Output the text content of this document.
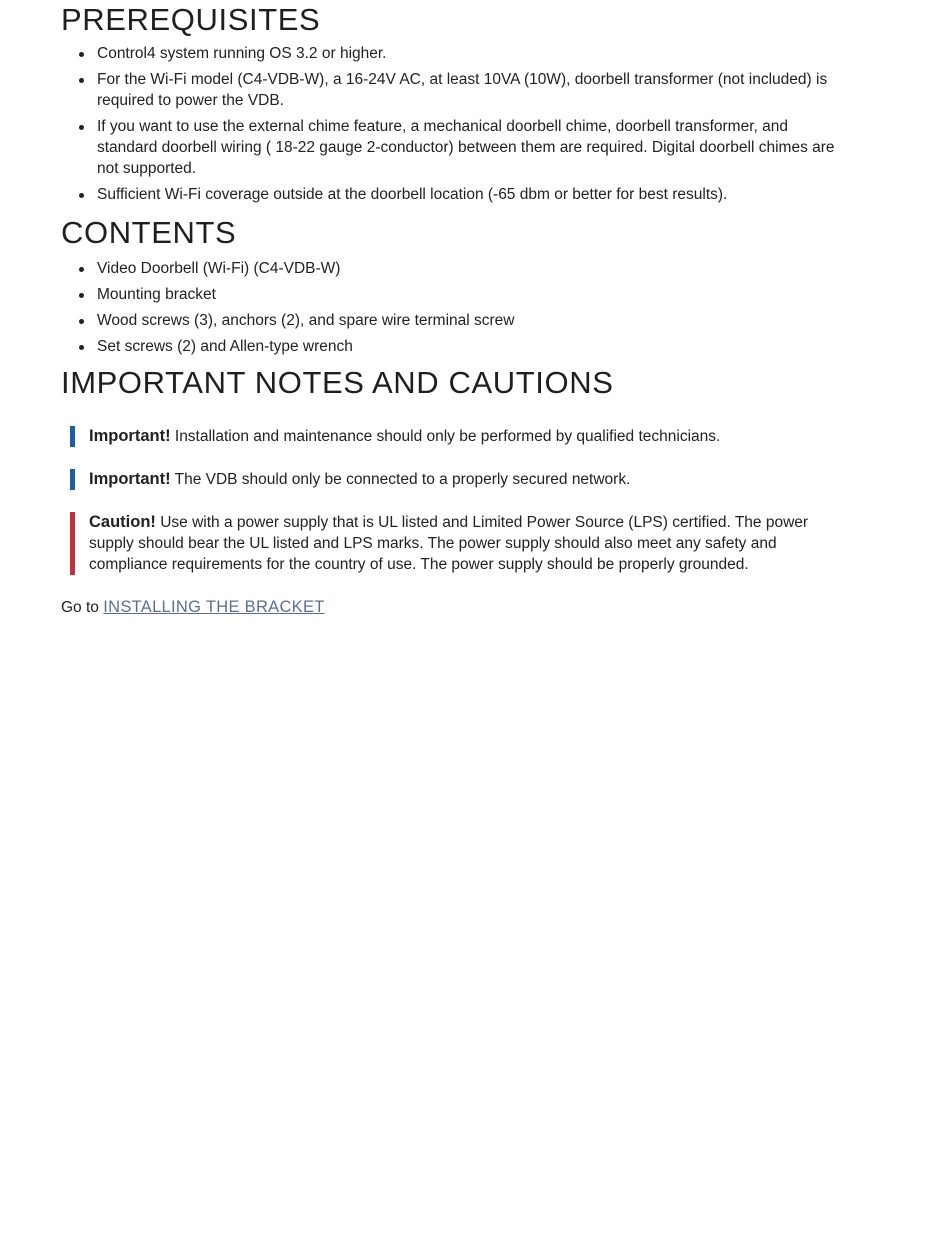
PREREQUISITES
Control4 system running OS 3.2 or higher.
For the Wi-Fi model (C4-VDB-W), a 16-24V AC, at least 10VA (10W), doorbell transformer (not included) is required to power the VDB.
If you want to use the external chime feature, a mechanical doorbell chime, doorbell transformer, and standard doorbell wiring ( 18-22 gauge 2-conductor) between them are required. Digital doorbell chimes are not supported.
Sufficient Wi-Fi coverage outside at the doorbell location (-65 dbm or better for best results).
CONTENTS
Video Doorbell (Wi-Fi) (C4-VDB-W)
Mounting bracket
Wood screws (3), anchors (2), and spare wire terminal screw
Set screws (2) and Allen-type wrench
IMPORTANT NOTES AND CAUTIONS
Important! Installation and maintenance should only be performed by qualified technicians.
Important! The VDB should only be connected to a properly secured network.
Caution! Use with a power supply that is UL listed and Limited Power Source (LPS) certified. The power supply should bear the UL listed and LPS marks. The power supply should also meet any safety and compliance requirements for the country of use. The power supply should be properly grounded.
Go to INSTALLING THE BRACKET
